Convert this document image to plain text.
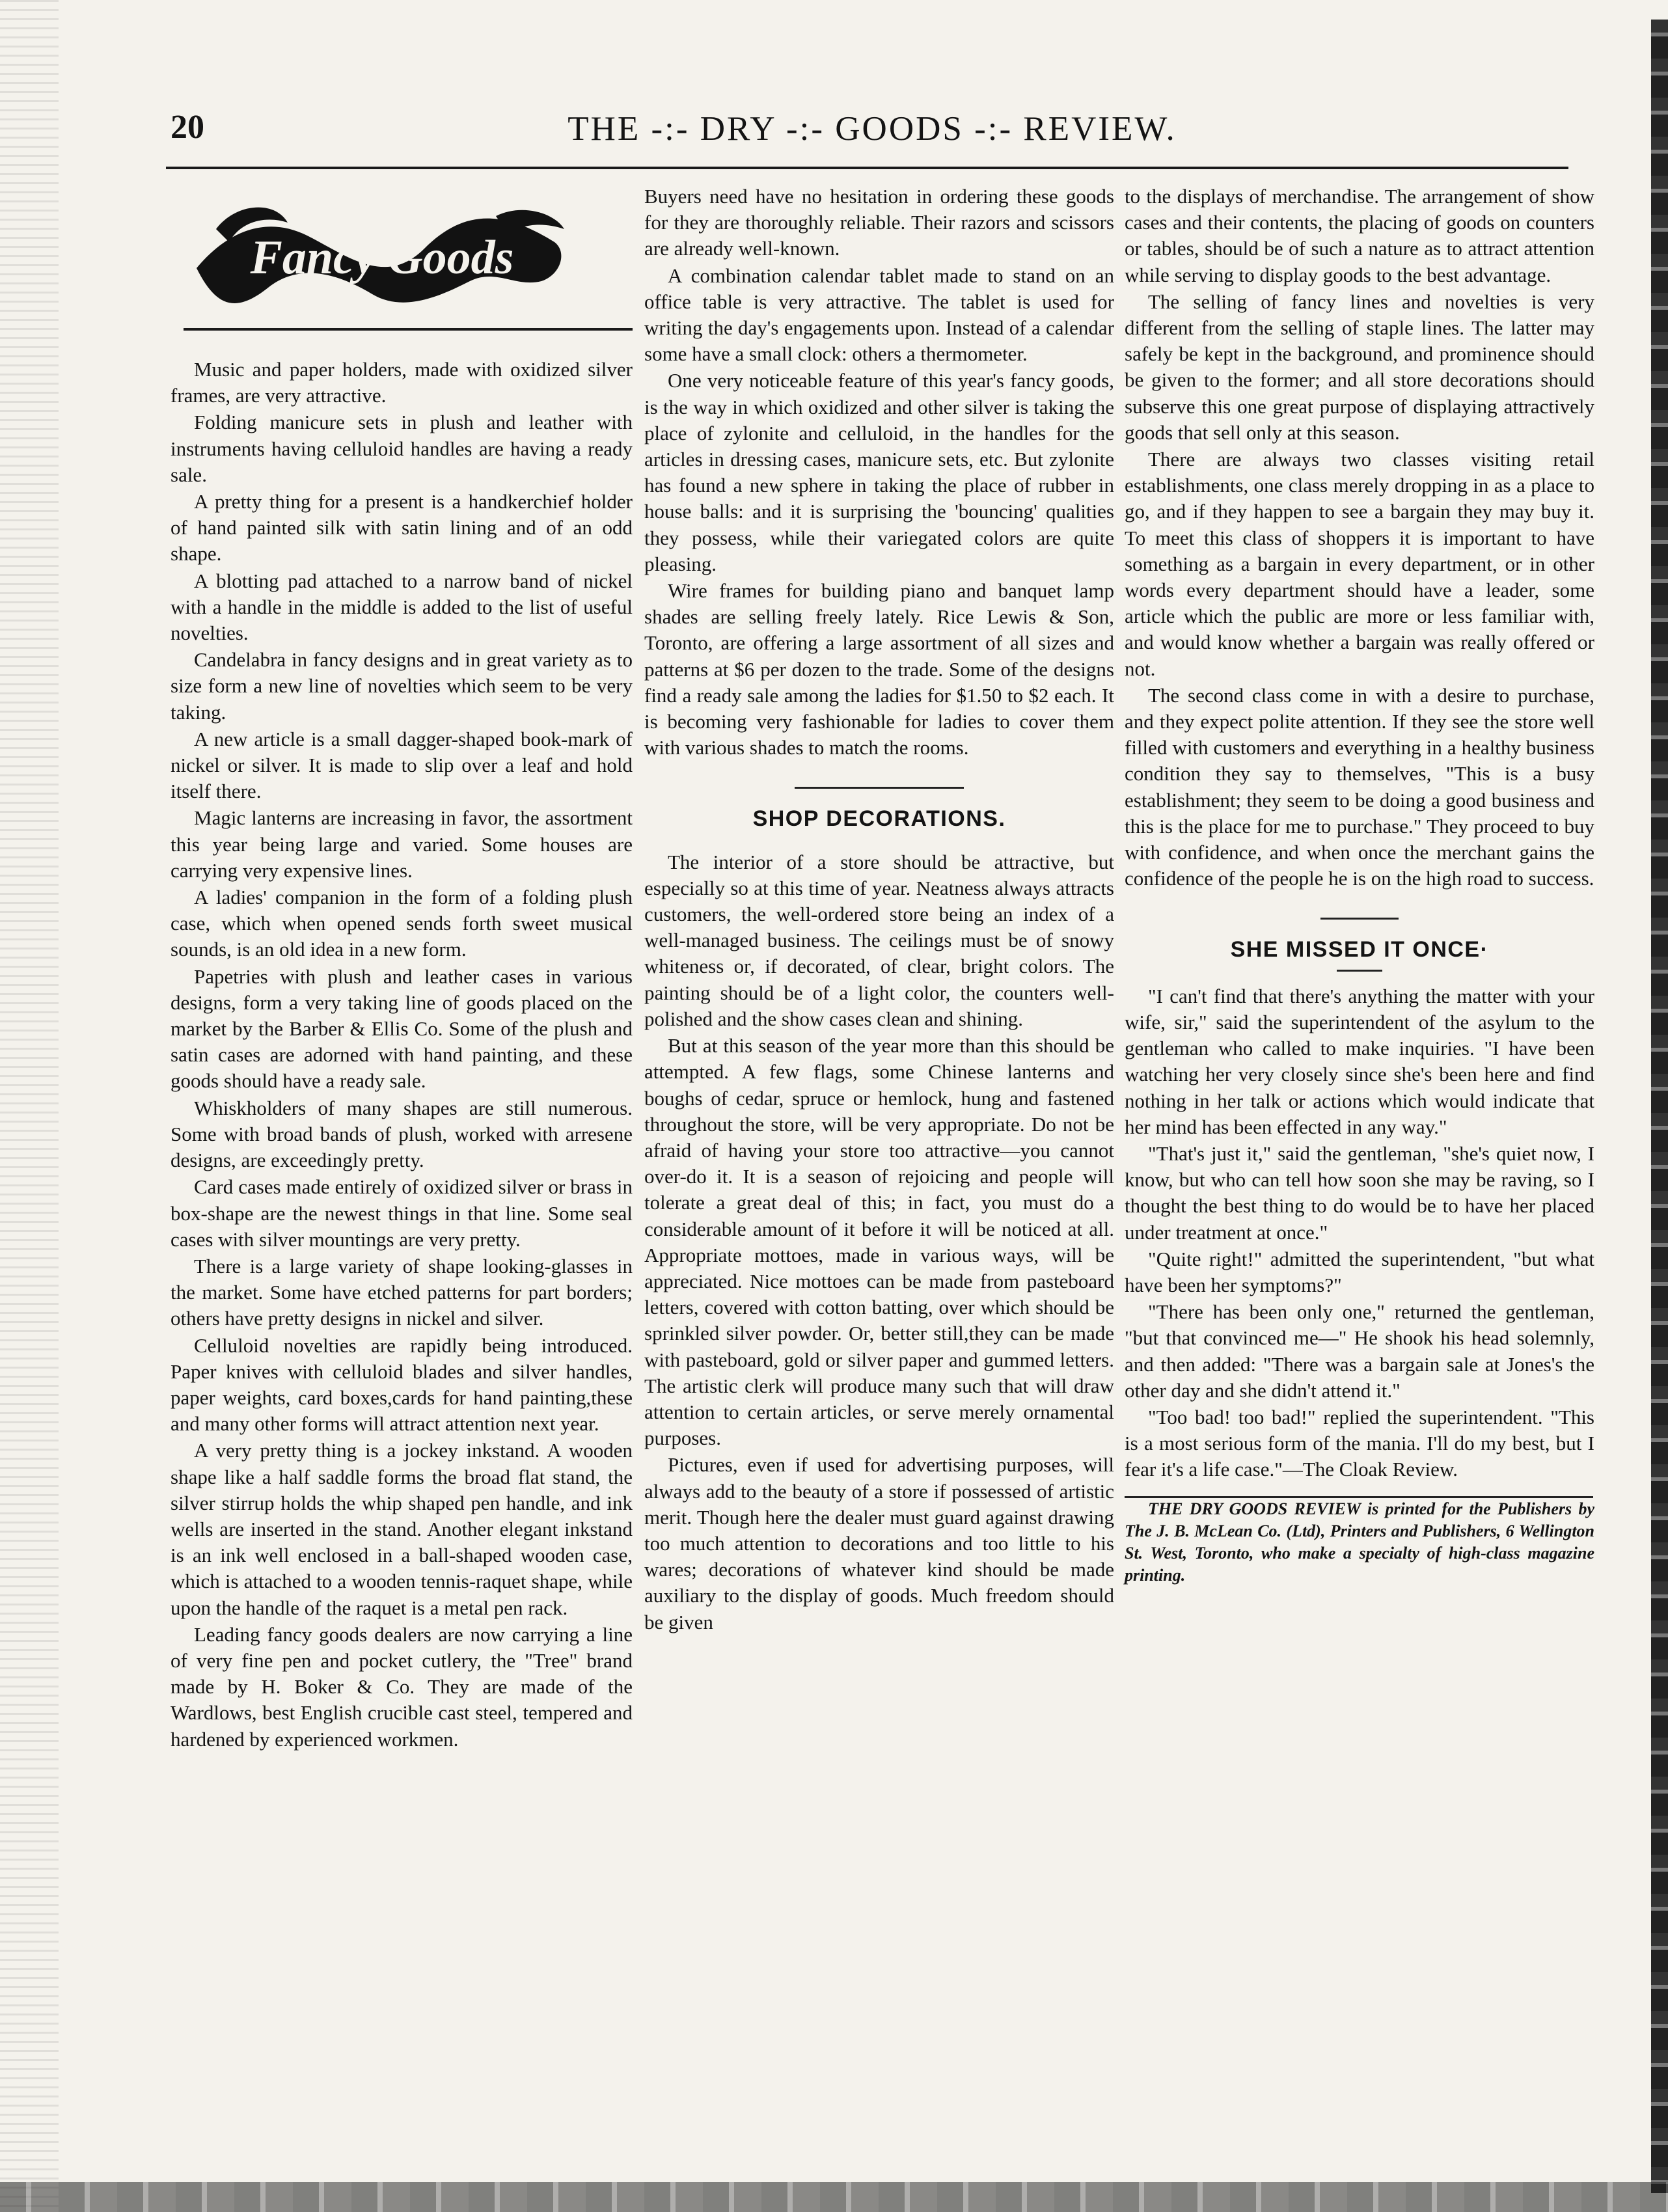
20	THE -:- DRY -:- GOODS -:- REVIEW.
Fancy Goods

Music and paper holders, made with oxidized silver frames, are very attractive.

Folding manicure sets in plush and leather with instruments having celluloid handles are having a ready sale.

A pretty thing for a present is a handkerchief holder of hand painted silk with satin lining and of an odd shape.

A blotting pad attached to a narrow band of nickel with a handle in the middle is added to the list of useful novelties.

Candelabra in fancy designs and in great variety as to size form a new line of novelties which seem to be very taking.

A new article is a small dagger-shaped book-mark of nickel or silver. It is made to slip over a leaf and hold itself there.

Magic lanterns are increasing in favor, the assortment this year being large and varied. Some houses are carrying very expensive lines.

A ladies' companion in the form of a folding plush case, which when opened sends forth sweet musical sounds, is an old idea in a new form.

Papetries with plush and leather cases in various designs, form a very taking line of goods placed on the market by the Barber & Ellis Co. Some of the plush and satin cases are adorned with hand painting, and these goods should have a ready sale.

Whiskholders of many shapes are still numerous. Some with broad bands of plush, worked with arresene designs, are exceedingly pretty.

Card cases made entirely of oxidized silver or brass in box-shape are the newest things in that line. Some seal cases with silver mountings are very pretty.

There is a large variety of shape looking-glasses in the market. Some have etched patterns for part borders; others have pretty designs in nickel and silver.

Celluloid novelties are rapidly being introduced. Paper knives with celluloid blades and silver handles, paper weights, card boxes,cards for hand painting,these and many other forms will attract attention next year.

A very pretty thing is a jockey inkstand. A wooden shape like a half saddle forms the broad flat stand, the silver stirrup holds the whip shaped pen handle, and ink wells are inserted in the stand. Another elegant inkstand is an ink well enclosed in a ball-shaped wooden case, which is attached to a wooden tennis-raquet shape, while upon the handle of the raquet is a metal pen rack.

Leading fancy goods dealers are now carrying a line of very fine pen and pocket cutlery, the "Tree" brand made by H. Boker & Co. They are made of the Wardlows, best English crucible cast steel, tempered and hardened by experienced workmen.

Buyers need have no hesitation in ordering these goods for they are thoroughly reliable. Their razors and scissors are already well-known.

A combination calendar tablet made to stand on an office table is very attractive. The tablet is used for writing the day's engagements upon. Instead of a calendar some have a small clock: others a thermometer.

One very noticeable feature of this year's fancy goods, is the way in which oxidized and other silver is taking the place of zylonite and celluloid, in the handles for the articles in dressing cases, manicure sets, etc. But zylonite has found a new sphere in taking the place of rubber in house balls: and it is surprising the 'bouncing' qualities they possess, while their variegated colors are quite pleasing.

Wire frames for building piano and banquet lamp shades are selling freely lately. Rice Lewis & Son, Toronto, are offering a large assortment of all sizes and patterns at $6 per dozen to the trade. Some of the designs find a ready sale among the ladies for $1.50 to $2 each. It is becoming very fashionable for ladies to cover them with various shades to match the rooms.

SHOP DECORATIONS.

The interior of a store should be attractive, but especially so at this time of year. Neatness always attracts customers, the well-ordered store being an index of a well-managed business. The ceilings must be of snowy whiteness or, if decorated, of clear, bright colors. The painting should be of a light color, the counters well-polished and the show cases clean and shining.

But at this season of the year more than this should be attempted. A few flags, some Chinese lanterns and boughs of cedar, spruce or hemlock, hung and fastened throughout the store, will be very appropriate. Do not be afraid of having your store too attractive—you cannot over-do it. It is a season of rejoicing and people will tolerate a great deal of this; in fact, you must do a considerable amount of it before it will be noticed at all. Appropriate mottoes, made in various ways, will be appreciated. Nice mottoes can be made from pasteboard letters, covered with cotton batting, over which should be sprinkled silver powder. Or, better still,they can be made with pasteboard, gold or silver paper and gummed letters. The artistic clerk will produce many such that will draw attention to certain articles, or serve merely ornamental purposes.

Pictures, even if used for advertising purposes, will always add to the beauty of a store if possessed of artistic merit. Though here the dealer must guard against drawing too much attention to decorations and too little to his wares; decorations of whatever kind should be made auxiliary to the display of goods. Much freedom should be given

to the displays of merchandise. The arrangement of show cases and their contents, the placing of goods on counters or tables, should be of such a nature as to attract attention while serving to display goods to the best advantage.

The selling of fancy lines and novelties is very different from the selling of staple lines. The latter may safely be kept in the background, and prominence should be given to the former; and all store decorations should subserve this one great purpose of displaying attractively goods that sell only at this season.

There are always two classes visiting retail establishments, one class merely dropping in as a place to go, and if they happen to see a bargain they may buy it. To meet this class of shoppers it is important to have something as a bargain in every department, or in other words every department should have a leader, some article which the public are more or less familiar with, and would know whether a bargain was really offered or not.

The second class come in with a desire to purchase, and they expect polite attention. If they see the store well filled with customers and everything in a healthy business condition they say to themselves, "This is a busy establishment; they seem to be doing a good business and this is the place for me to purchase." They proceed to buy with confidence, and when once the merchant gains the confidence of the people he is on the high road to success.

SHE MISSED IT ONCE·

"I can't find that there's anything the matter with your wife, sir," said the superintendent of the asylum to the gentleman who called to make inquiries. "I have been watching her very closely since she's been here and find nothing in her talk or actions which would indicate that her mind has been effected in any way."

"That's just it," said the gentleman, "she's quiet now, I know, but who can tell how soon she may be raving, so I thought the best thing to do would be to have her placed under treatment at once."

"Quite right!" admitted the superintendent, "but what have been her symptoms?"

"There has been only one," returned the gentleman, "but that convinced me—" He shook his head solemnly, and then added: "There was a bargain sale at Jones's the other day and she didn't attend it."

"Too bad! too bad!" replied the superintendent. "This is a most serious form of the mania. I'll do my best, but I fear it's a life case."—The Cloak Review.

THE DRY GOODS REVIEW is printed for the Publishers by The J. B. McLean Co. (Ltd), Printers and Publishers, 6 Wellington St. West, Toronto, who make a specialty of high-class magazine printing.
